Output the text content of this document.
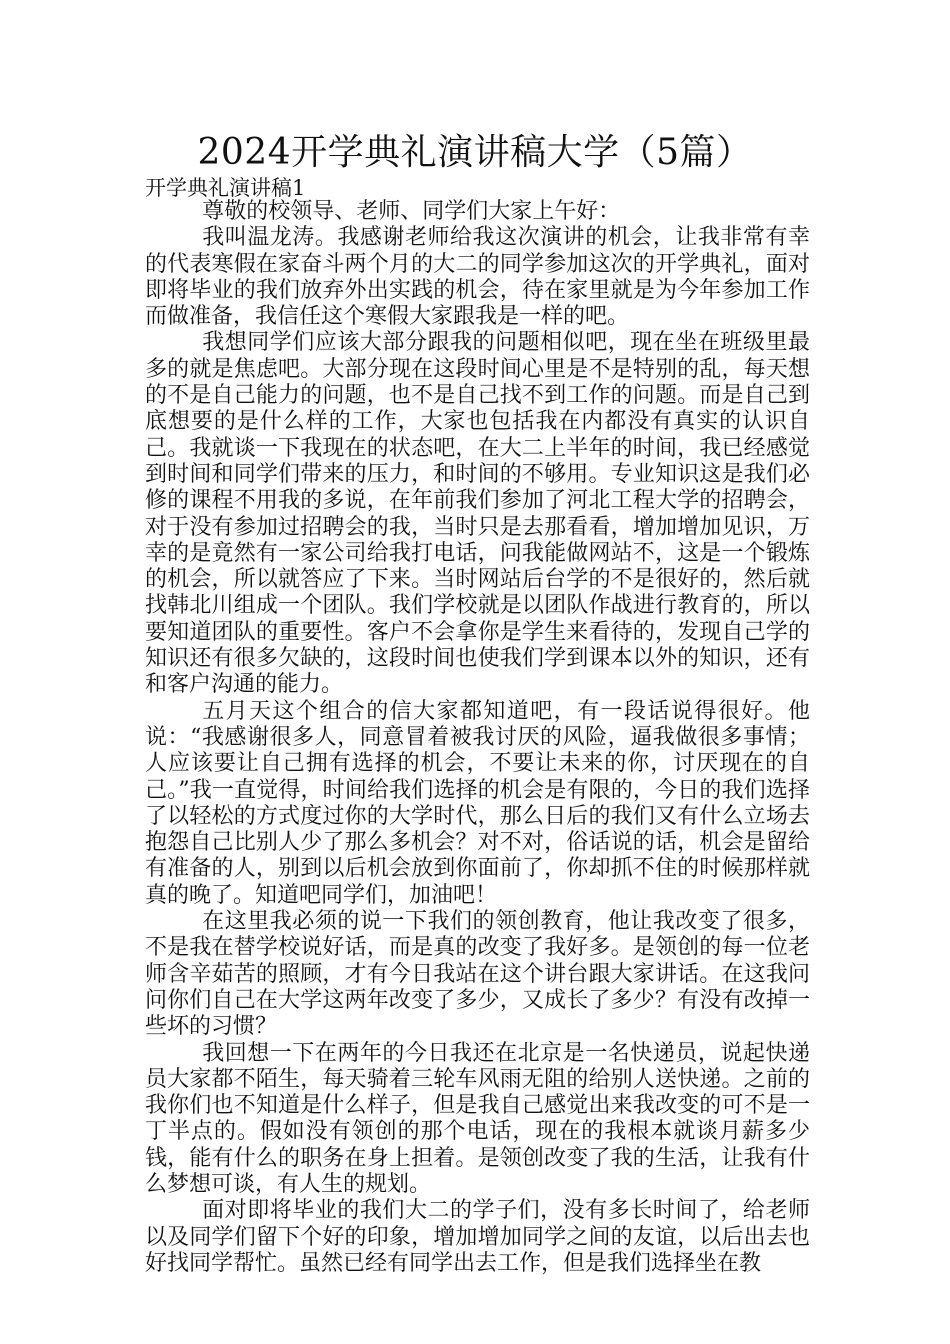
2024开学典礼演讲稿大学（5篇）
开学典礼演讲稿1

尊敬的校领导、老师、同学们大家上午好：

我叫温龙涛。我感谢老师给我这次演讲的机会，让我非常有幸的代表寒假在家奋斗两个月的大二的同学参加这次的开学典礼，面对即将毕业的我们放弃外出实践的机会，待在家里就是为今年参加工作而做准备，我信任这个寒假大家跟我是一样的吧。

我想同学们应该大部分跟我的问题相似吧，现在坐在班级里最多的就是焦虑吧。大部分现在这段时间心里是不是特别的乱，每天想的不是自己能力的问题，也不是自己找不到工作的问题。而是自己到底想要的是什么样的工作，大家也包括我在内都没有真实的认识自己。我就谈一下我现在的状态吧，在大二上半年的时间，我已经感觉到时间和同学们带来的压力，和时间的不够用。专业知识这是我们必修的课程不用我的多说，在年前我们参加了河北工程大学的招聘会，对于没有参加过招聘会的我，当时只是去那看看，增加增加见识，万幸的是竟然有一家公司给我打电话，问我能做网站不，这是一个锻炼的机会，所以就答应了下来。当时网站后台学的不是很好的，然后就找韩北川组成一个团队。我们学校就是以团队作战进行教育的，所以要知道团队的重要性。客户不会拿你是学生来看待的，发现自己学的知识还有很多欠缺的，这段时间也使我们学到课本以外的知识，还有和客户沟通的能力。

五月天这个组合的信大家都知道吧，有一段话说得很好。他说：“我感谢很多人，同意冒着被我讨厌的风险，逼我做很多事情；人应该要让自己拥有选择的机会，不要让未来的你，讨厌现在的自己。”我一直觉得，时间给我们选择的机会是有限的，今日的我们选择了以轻松的方式度过你的大学时代，那么日后的我们又有什么立场去抱怨自己比别人少了那么多机会？对不对，俗话说的话，机会是留给有准备的人，别到以后机会放到你面前了，你却抓不住的时候那样就真的晚了。知道吧同学们，加油吧！

在这里我必须的说一下我们的领创教育，他让我改变了很多，不是我在替学校说好话，而是真的改变了我好多。是领创的每一位老师含辛茹苦的照顾，才有今日我站在这个讲台跟大家讲话。在这我问问你们自己在大学这两年改变了多少，又成长了多少？有没有改掉一些坏的习惯？

我回想一下在两年的今日我还在北京是一名快递员，说起快递员大家都不陌生，每天骑着三轮车风雨无阻的给别人送快递。之前的我你们也不知道是什么样子，但是我自己感觉出来我改变的可不是一丁半点的。假如没有领创的那个电话，现在的我根本就谈月薪多少钱，能有什么的职务在身上担着。是领创改变了我的生活，让我有什么梦想可谈，有人生的规划。

面对即将毕业的我们大二的学子们，没有多长时间了，给老师以及同学们留下个好的印象，增加增加同学之间的友谊，以后出去也好找同学帮忙。虽然已经有同学出去工作，但是我们选择坐在教
